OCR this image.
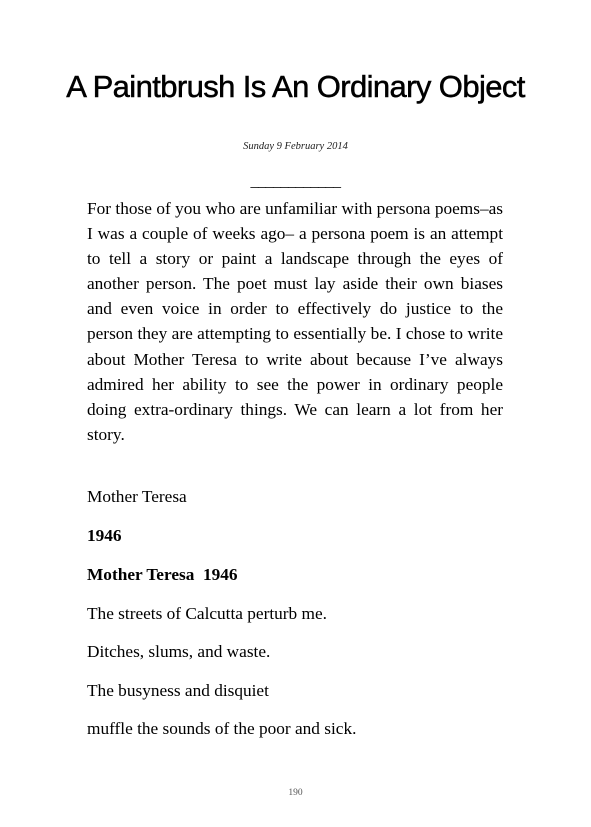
A Paintbrush Is An Ordinary Object
Sunday 9 February 2014
____________

For those of you who are unfamiliar with persona poems–as I was a couple of weeks ago– a persona poem is an attempt to tell a story or paint a landscape through the eyes of another person. The poet must lay aside their own biases and even voice in order to effectively do justice to the person they are attempting to essentially be. I chose to write about Mother Teresa to write about because I’ve always admired her ability to see the power in ordinary people doing extra-ordinary things. We can learn a lot from her story.

Mother Teresa

1946

Mother Teresa  1946

The streets of Calcutta perturb me.

Ditches, slums, and waste.

The busyness and disquiet

muffle the sounds of the poor and sick.

190
